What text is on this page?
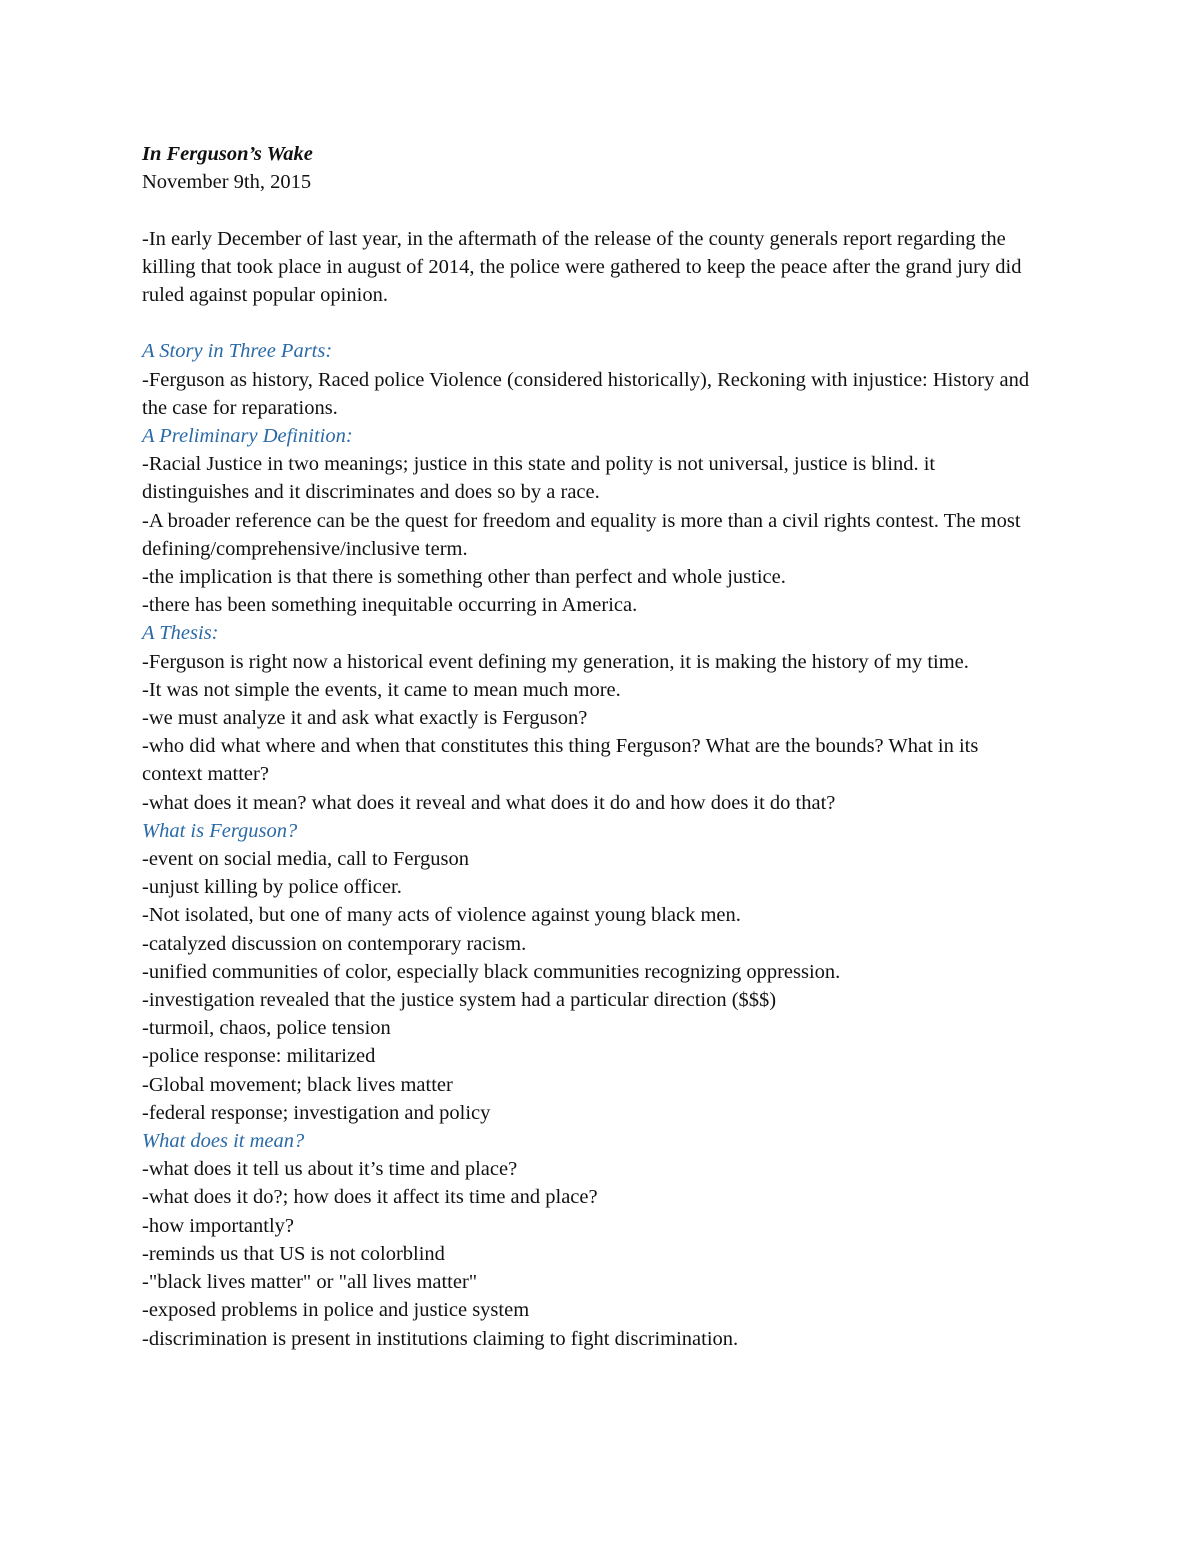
In Ferguson’s Wake

November 9th, 2015

-In early December of last year, in the aftermath of the release of the county generals report regarding the killing that took place in august of 2014, the police were gathered to keep the peace after the grand jury did ruled against popular opinion.

A Story in Three Parts:

-Ferguson as history, Raced police Violence (considered historically), Reckoning with injustice: History and the case for reparations.

A Preliminary Definition:

-Racial Justice in two meanings; justice in this state and polity is not universal, justice is blind. it distinguishes and it discriminates and does so by a race.

-A broader reference can be the quest for freedom and equality is more than a civil rights contest. The most defining/comprehensive/inclusive term.

-the implication is that there is something other than perfect and whole justice.

-there has been something inequitable occurring in America.

A Thesis:

-Ferguson is right now a historical event defining my generation, it is making the history of my time.

-It was not simple the events, it came to mean much more.

-we must analyze it and ask what exactly is Ferguson?

-who did what where and when that constitutes this thing Ferguson? What are the bounds? What in its context matter?

-what does it mean? what does it reveal and what does it do and how does it do that?

What is Ferguson?

-event on social media, call to Ferguson

-unjust killing by police officer.

-Not isolated, but one of many acts of violence against young black men.

-catalyzed discussion on contemporary racism.

-unified communities of color, especially black communities recognizing oppression.

-investigation revealed that the justice system had a particular direction ($$$)

-turmoil, chaos, police tension

-police response: militarized

-Global movement; black lives matter

-federal response; investigation and policy

What does it mean?

-what does it tell us about it’s time and place?

-what does it do?; how does it affect its time and place?

-how importantly?

-reminds us that US is not colorblind

-"black lives matter" or "all lives matter"

-exposed problems in police and justice system

-discrimination is present in institutions claiming to fight discrimination.
